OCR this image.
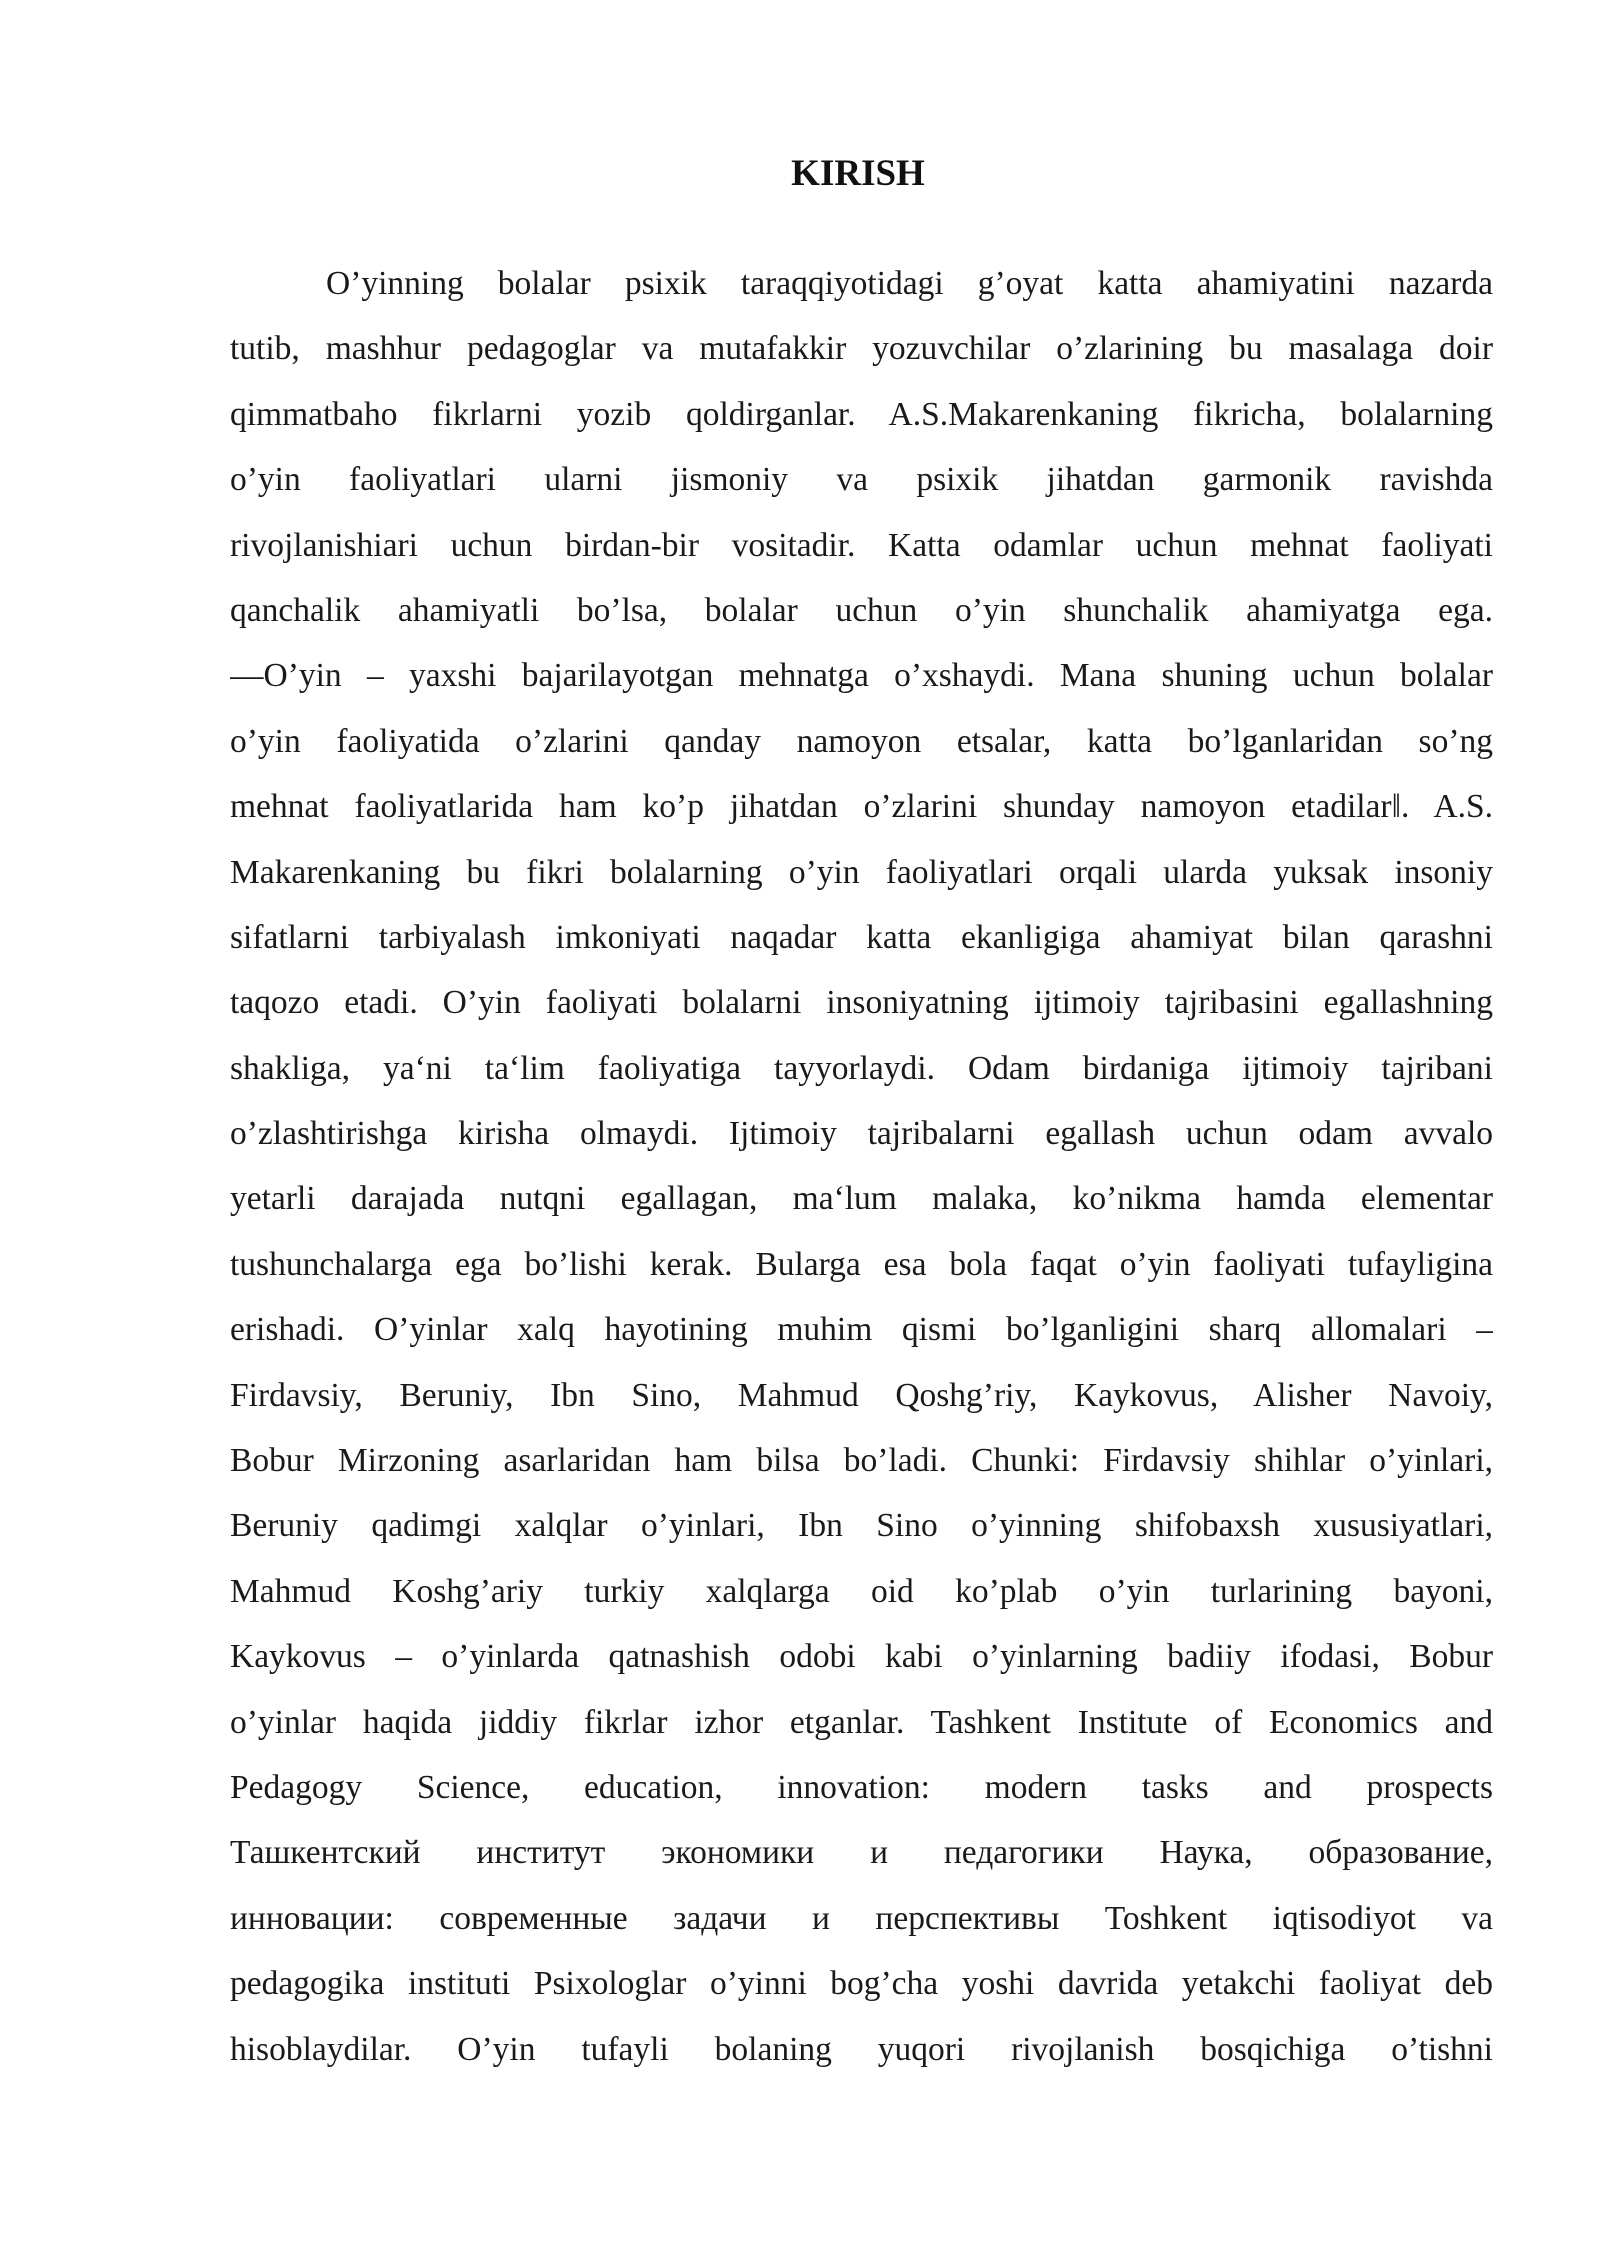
KIRISH
O’yinning bolalar psixik taraqqiyotidagi g’oyat katta ahamiyatini nazarda
tutib, mashhur pedagoglar va mutafakkir yozuvchilar o’zlarining bu masalaga doir
qimmatbaho fikrlarni yozib qoldirganlar. A.S.Makarenkaning fikricha, bolalarning
o’yin faoliyatlari ularni jismoniy va psixik jihatdan garmonik ravishda
rivojlanishiari uchun birdan-bir vositadir. Katta odamlar uchun mehnat faoliyati
qanchalik ahamiyatli bo’lsa, bolalar uchun o’yin shunchalik ahamiyatga ega.
―O’yin – yaxshi bajarilayotgan mehnatga o’xshaydi. Mana shuning uchun bolalar
o’yin faoliyatida o’zlarini qanday namoyon etsalar, katta bo’lganlaridan so’ng
mehnat faoliyatlarida ham ko’p jihatdan o’zlarini shunday namoyon etadilar‖. A.S.
Makarenkaning bu fikri bolalarning o’yin faoliyatlari orqali ularda yuksak insoniy
sifatlarni tarbiyalash imkoniyati naqadar katta ekanligiga ahamiyat bilan qarashni
taqozo etadi. O’yin faoliyati bolalarni insoniyatning ijtimoiy tajribasini egallashning
shakliga, ya‘ni ta‘lim faoliyatiga tayyorlaydi. Odam birdaniga ijtimoiy tajribani
o’zlashtirishga kirisha olmaydi. Ijtimoiy tajribalarni egallash uchun odam avvalo
yetarli darajada nutqni egallagan, ma‘lum malaka, ko’nikma hamda elementar
tushunchalarga ega bo’lishi kerak. Bularga esa bola faqat o’yin faoliyati tufayligina
erishadi. O’yinlar xalq hayotining muhim qismi bo’lganligini sharq allomalari –
Firdavsiy, Beruniy, Ibn Sino, Mahmud Qoshg’riy, Kaykovus, Alisher Navoiy,
Bobur Mirzoning asarlaridan ham bilsa bo’ladi. Chunki: Firdavsiy shihlar o’yinlari,
Beruniy qadimgi xalqlar o’yinlari, Ibn Sino o’yinning shifobaxsh xususiyatlari,
Mahmud Koshg’ariy turkiy xalqlarga oid ko’plab o’yin turlarining bayoni,
Kaykovus – o’yinlarda qatnashish odobi kabi o’yinlarning badiiy ifodasi, Bobur
o’yinlar haqida jiddiy fikrlar izhor etganlar. Tashkent Institute of Economics and
Pedagogy Science, education, innovation: modern tasks and prospects
Ташкентский институт экономики и педагогики Наука, образование,
инновации: современные задачи и перспективы Toshkent iqtisodiyot va
pedagogika instituti Psixologlar o’yinni bog’cha yoshi davrida yetakchi faoliyat deb
hisoblaydilar. O’yin tufayli bolaning yuqori rivojlanish bosqichiga o’tishni
